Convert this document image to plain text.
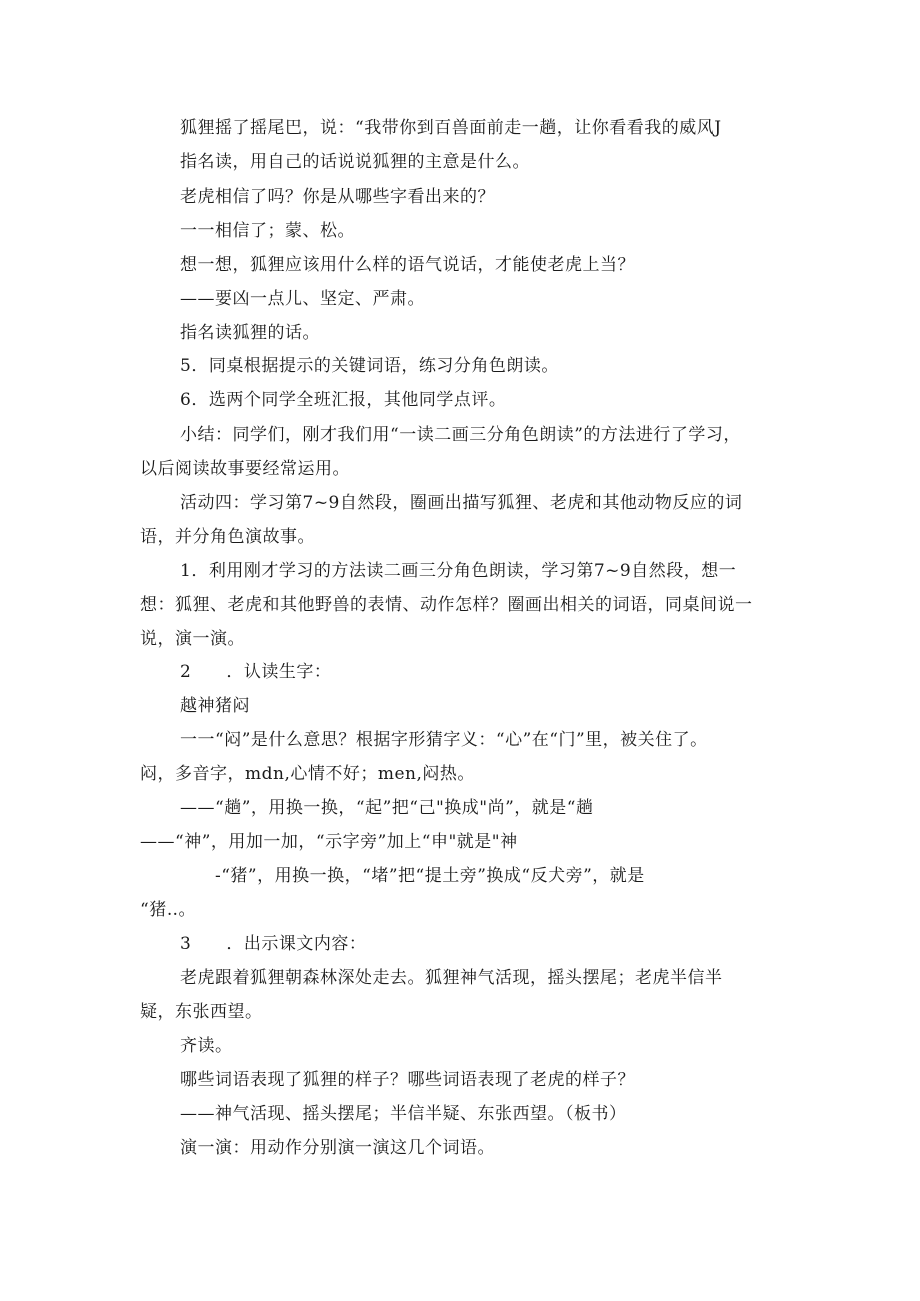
狐狸摇了摇尾巴，说：“我带你到百兽面前走一趟，让你看看我的威风J
指名读，用自己的话说说狐狸的主意是什么。
老虎相信了吗？你是从哪些字看出来的？
一一相信了；蒙、松。
想一想，狐狸应该用什么样的语气说话，才能使老虎上当？
——要凶一点儿、坚定、严肃。
指名读狐狸的话。
5．同桌根据提示的关键词语，练习分角色朗读。
6．选两个同学全班汇报，其他同学点评。
小结：同学们，刚才我们用“一读二画三分角色朗读”的方法进行了学习，
以后阅读故事要经常运用。
活动四：学习第7~9自然段，圈画出描写狐狸、老虎和其他动物反应的词
语，并分角色演故事。
1．利用刚才学习的方法读二画三分角色朗读，学习第7~9自然段，想一
想：狐狸、老虎和其他野兽的表情、动作怎样？圈画出相关的词语，同桌间说一
说，演一演。
2　　．认读生字：
越神猪闷
一一“闷”是什么意思？根据字形猜字义：“心”在“门”里，被关住了。
闷，多音字，mdn,心情不好；men,闷热。
——“趟”，用换一换，“起”把“己"换成"尚”，就是“趟
——“神”，用加一加，“示字旁”加上“申"就是"神
-“猪”，用换一换，“堵”把“提土旁”换成“反犬旁”，就是
“猪‥。
3　　．出示课文内容：
老虎跟着狐狸朝森林深处走去。狐狸神气活现，摇头摆尾；老虎半信半
疑，东张西望。
齐读。
哪些词语表现了狐狸的样子？哪些词语表现了老虎的样子？
——神气活现、摇头摆尾；半信半疑、东张西望。（板书）
演一演：用动作分别演一演这几个词语。
